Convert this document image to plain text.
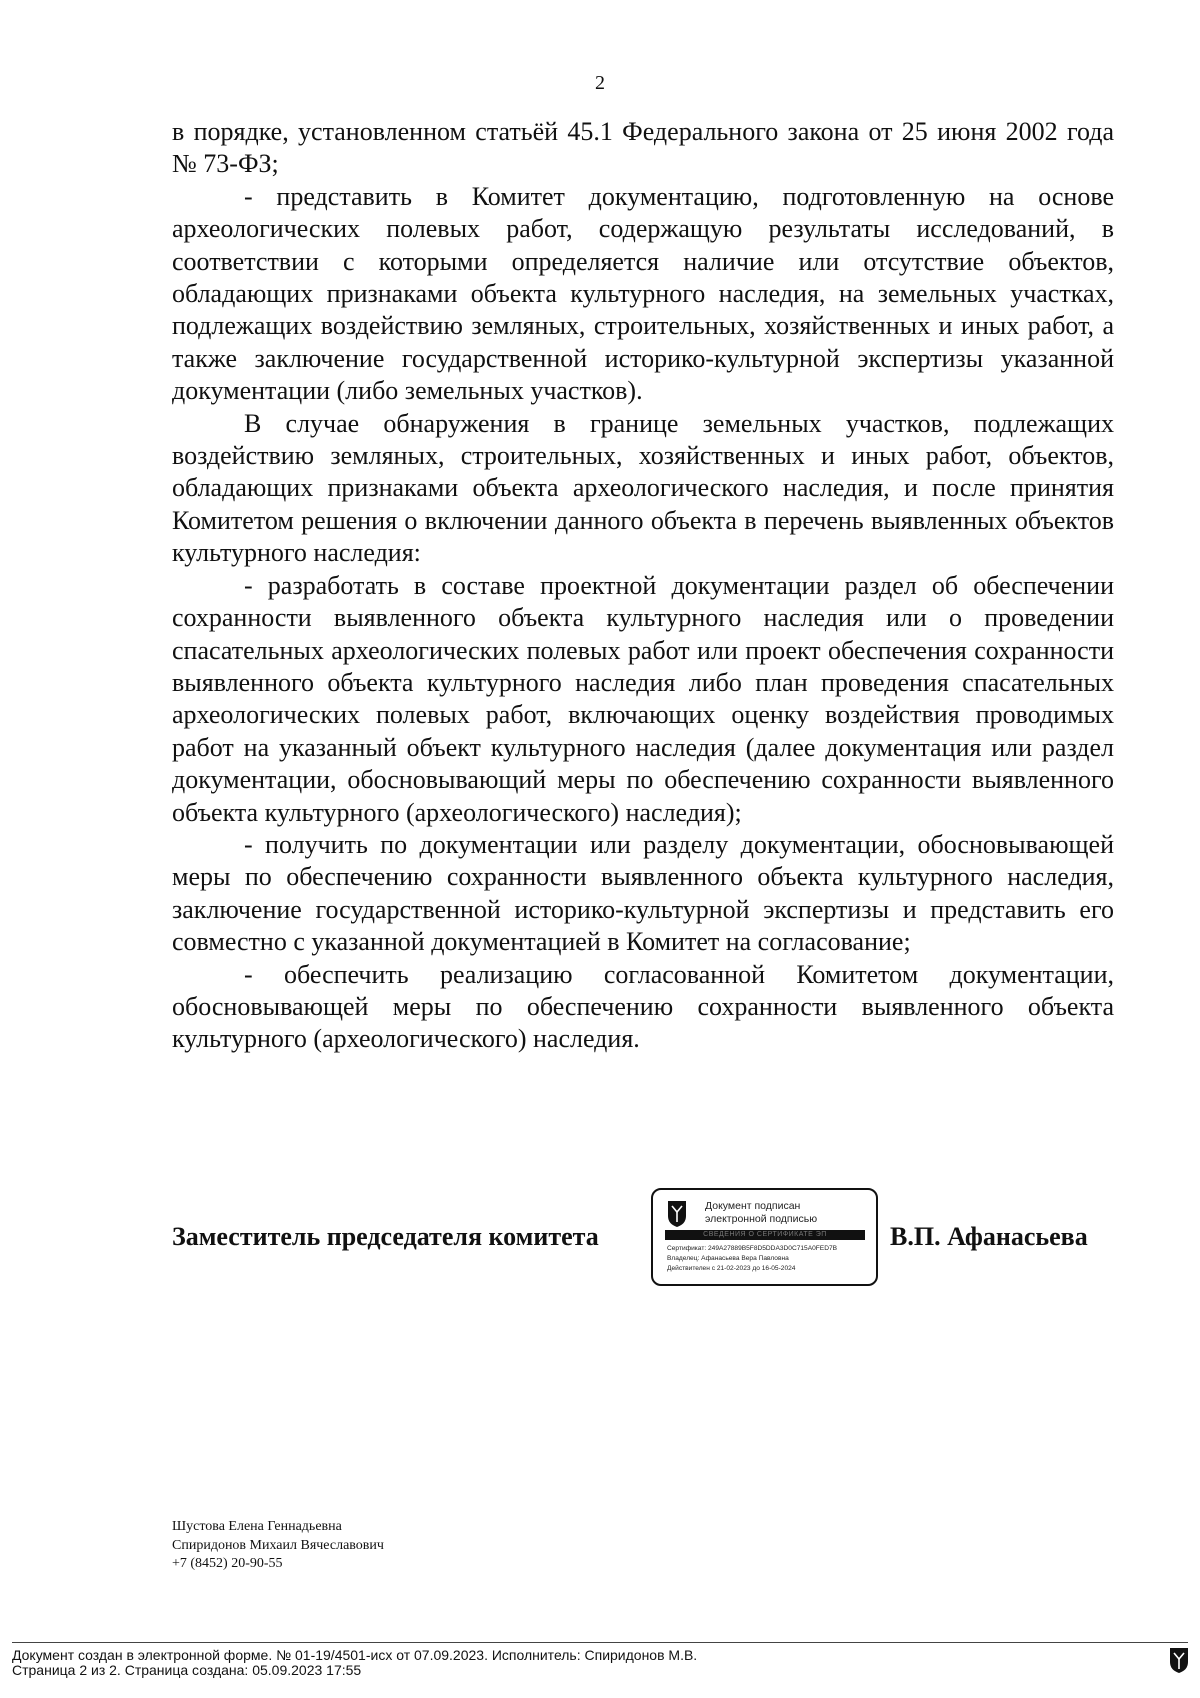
2

в порядке, установленном статьёй 45.1 Федерального закона от 25 июня 2002 года № 73-ФЗ;

- представить в Комитет документацию, подготовленную на основе археологических полевых работ, содержащую результаты исследований, в соответствии с которыми определяется наличие или отсутствие объектов, обладающих признаками объекта культурного наследия, на земельных участках, подлежащих воздействию земляных, строительных, хозяйственных и иных работ, а также заключение государственной историко-культурной экспертизы указанной документации (либо земельных участков).

В случае обнаружения в границе земельных участков, подлежащих воздействию земляных, строительных, хозяйственных и иных работ, объектов, обладающих признаками объекта археологического наследия, и после принятия Комитетом решения о включении данного объекта в перечень выявленных объектов культурного наследия:

- разработать в составе проектной документации раздел об обеспечении сохранности выявленного объекта культурного наследия или о проведении спасательных археологических полевых работ или проект обеспечения сохранности выявленного объекта культурного наследия либо план проведения спасательных археологических полевых работ, включающих оценку воздействия проводимых работ на указанный объект культурного наследия (далее документация или раздел документации, обосновывающий меры по обеспечению сохранности выявленного объекта культурного (археологического) наследия);

- получить по документации или разделу документации, обосновывающей меры по обеспечению сохранности выявленного объекта культурного наследия, заключение государственной историко-культурной экспертизы и представить его совместно с указанной документацией в Комитет на согласование;

- обеспечить реализацию согласованной Комитетом документации, обосновывающей меры по обеспечению сохранности выявленного объекта культурного (археологического) наследия.

Заместитель председателя комитета
Документ подписан
электронной подписью
СВЕДЕНИЯ О СЕРТИФИКАТЕ ЭП
Сертификат: 249A27889B5F8D5DDA3D0C715A0FED7B
Владелец: Афанасьева Вера Павловна
Действителен с 21-02-2023 до 16-05-2024
В.П. Афанасьева
Шустова Елена Геннадьевна
Спиридонов Михаил Вячеславович
+7 (8452) 20-90-55
Документ создан в электронной форме. № 01-19/4501-исх от 07.09.2023. Исполнитель: Спиридонов М.В.
Страница 2 из 2. Страница создана: 05.09.2023 17:55
